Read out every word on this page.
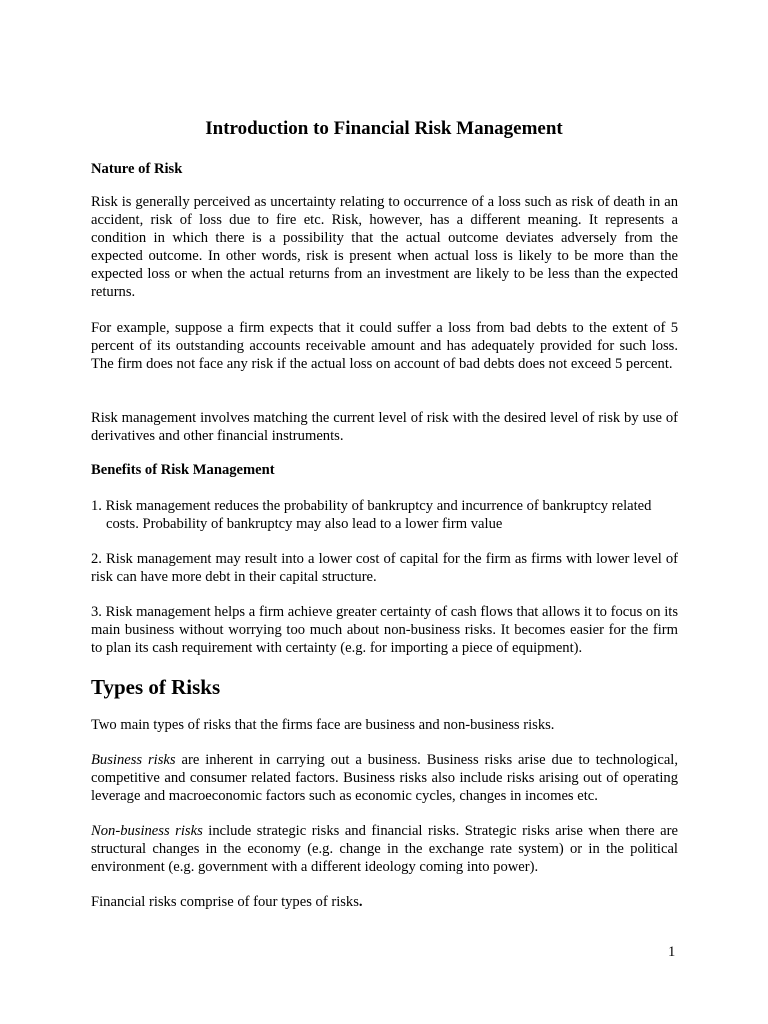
Introduction to Financial Risk Management

Nature of Risk

Risk is generally perceived as uncertainty relating to occurrence of a loss such as risk of death in an accident, risk of loss due to fire etc. Risk, however, has a different meaning. It represents a condition in which there is a possibility that the actual outcome deviates adversely from the expected outcome. In other words, risk is present when actual loss is likely to be more than the expected loss or when the actual returns from an investment are likely to be less than the expected returns.

For example, suppose a firm expects that it could suffer a loss from bad debts to the extent of 5 percent of its outstanding accounts receivable amount and has adequately provided for such loss. The firm does not face any risk if the actual loss on account of bad debts does not exceed 5 percent.

Risk management involves matching the current level of risk with the desired level of risk by use of derivatives and other financial instruments.

Benefits of Risk Management

1. Risk management reduces the probability of bankruptcy and incurrence of bankruptcy related
costs. Probability of bankruptcy may also lead to a lower firm value

2. Risk management may result into a lower cost of capital for the firm as firms with lower level of risk can have more debt in their capital structure.

3. Risk management helps a firm achieve greater certainty of cash flows that allows it to focus on its main business without worrying too much about non-business risks. It becomes easier for the firm to plan its cash requirement with certainty (e.g. for importing a piece of equipment).

Types of Risks

Two main types of risks that the firms face are business and non-business risks.

Business risks are inherent in carrying out a business. Business risks arise due to technological, competitive and consumer related factors. Business risks also include risks arising out of operating leverage and macroeconomic factors such as economic cycles, changes in incomes etc.

Non-business risks include strategic risks and financial risks. Strategic risks arise when there are structural changes in the economy (e.g. change in the exchange rate system) or in the political environment (e.g. government with a different ideology coming into power).

Financial risks comprise of four types of risks.

1
